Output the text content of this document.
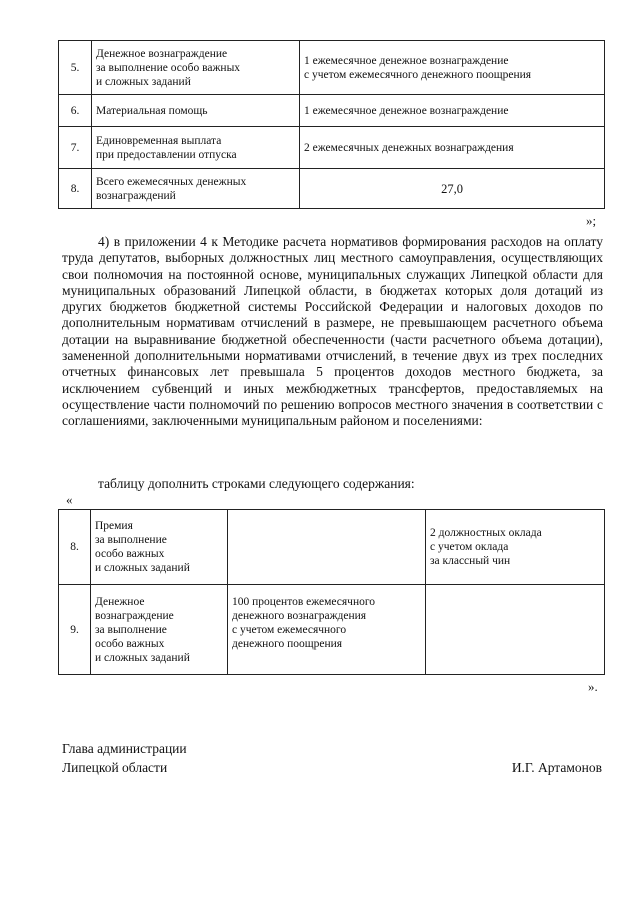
5.	Денежное вознаграждение
за выполнение особо важных
и сложных заданий	1 ежемесячное денежное вознаграждение
с учетом ежемесячного денежного поощрения
6.	Материальная помощь	1 ежемесячное денежное вознаграждение
7.	Единовременная выплата
при предоставлении отпуска	2 ежемесячных денежных вознаграждения
8.	Всего ежемесячных денежных
вознаграждений	27,0
»;
4) в приложении 4 к Методике расчета нормативов формирования расходов на оплату труда депутатов, выборных должностных лиц местного самоуправления, осуществляющих свои полномочия на постоянной основе, муниципальных служащих Липецкой области для муниципальных образований Липецкой области, в бюджетах которых доля дотаций из других бюджетов бюджетной системы Российской Федерации и налоговых доходов по дополнительным нормативам отчислений в размере, не превышающем расчетного объема дотации на выравнивание бюджетной обеспеченности (части расчетного объема дотации), замененной дополнительными нормативами отчислений, в течение двух из трех последних отчетных финансовых лет превышала 5 процентов доходов местного бюджета, за исключением субвенций и иных межбюджетных трансфертов, предоставляемых на осуществление части полномочий по решению вопросов местного значения в соответствии с соглашениями, заключенными муниципальным районом и поселениями:
таблицу дополнить строками следующего содержания:
«
8.	Премия
за выполнение
особо важных
и сложных заданий		2 должностных оклада
с учетом оклада
за классный чин
9.	Денежное
вознаграждение
за выполнение
особо важных
и сложных заданий	100 процентов ежемесячного
денежного вознаграждения
с учетом ежемесячного
денежного поощрения	
».
Глава администрации
Липецкой области	И.Г. Артамонов
